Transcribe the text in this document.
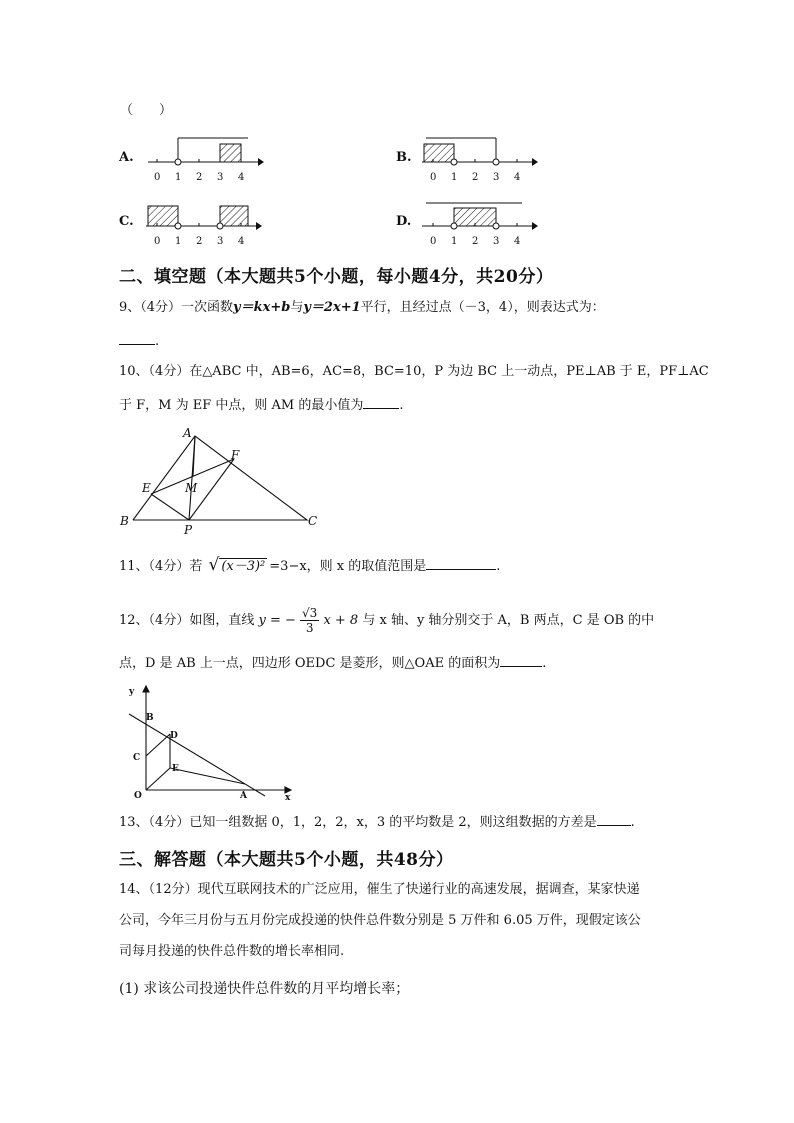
（　　）
A.
0 1 2 3 4
B.
0 1 2 3 4
C.
0 1 2 3 4
D.
0 1 2 3 4
二、填空题（本大题共5个小题，每小题4分，共20分）
9、（4分）一次函数y＝kx+b与y＝2x+1平行，且经过点（－3，4），则表达式为：
.
10、（4分）在△ABC 中，AB=6，AC=8，BC=10，P 为边 BC 上一动点，PE⊥AB 于 E，PF⊥AC
于 F，M 为 EF 中点，则 AM 的最小值为	.
A
B	C
E
F
M
P
11、（4分）若 √ (x－3)² =3−x，则 x 的取值范围是	.
12、（4分）如图，直线 y = − $\frac{√3}{3}$ x + 8 与 x 轴、y 轴分别交于 A，B 两点，C 是 OB 的中
点，D 是 AB 上一点，四边形 OEDC 是菱形，则△OAE 的面积为	.
y
x
O	A
B
C
D
E
13、（4分）已知一组数据 0，1，2，2，x，3 的平均数是 2，则这组数据的方差是	.
三、解答题（本大题共5个小题，共48分）
14、（12分）现代互联网技术的广泛应用，催生了快递行业的高速发展，据调查，某家快递
公司，今年三月份与五月份完成投递的快件总件数分别是 5 万件和 6.05 万件，现假定该公
司每月投递的快件总件数的增长率相同.
(1) 求该公司投递快件总件数的月平均增长率；
